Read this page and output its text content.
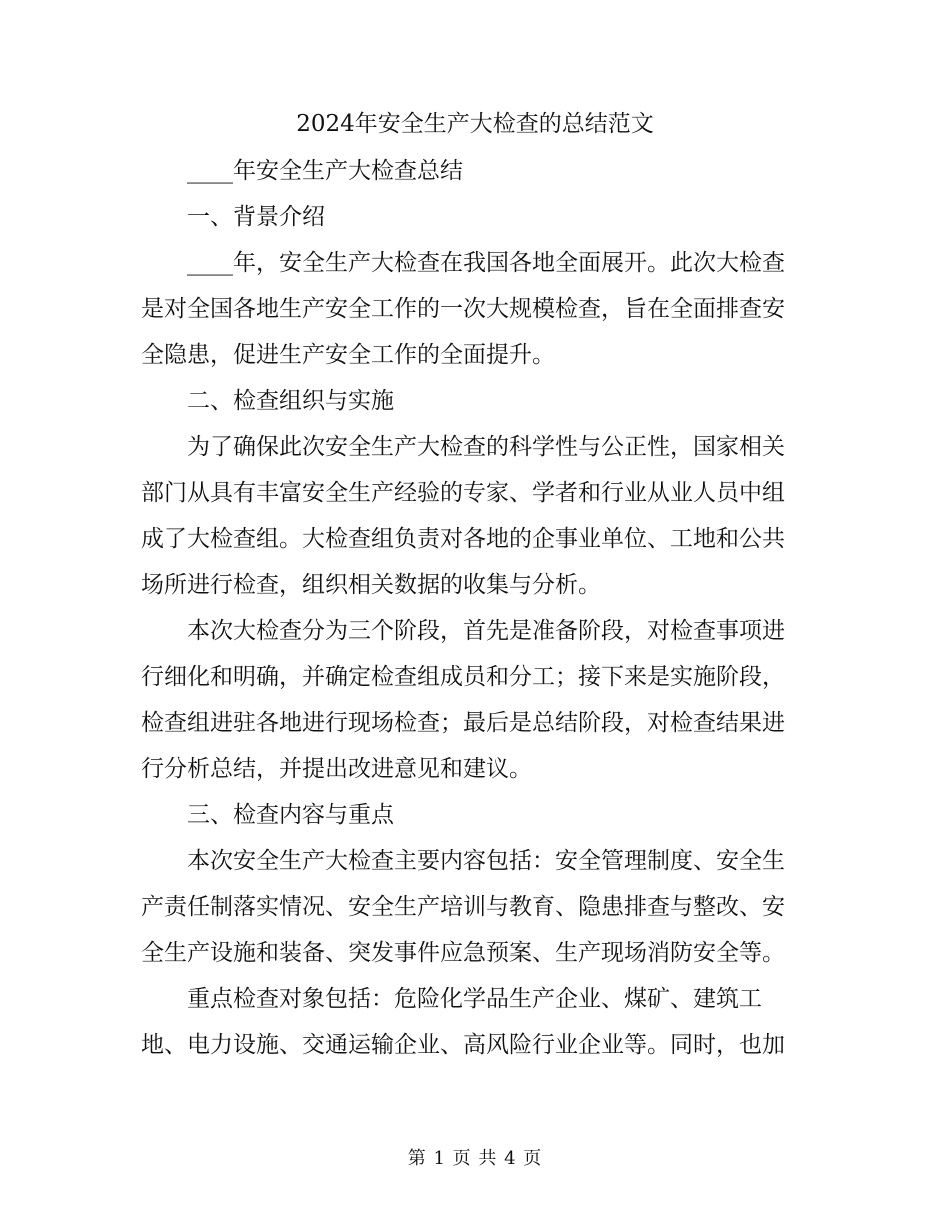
2024年安全生产大检查的总结范文
____年安全生产大检查总结
一、背景介绍
____年，安全生产大检查在我国各地全面展开。此次大检查
是对全国各地生产安全工作的一次大规模检查，旨在全面排查安
全隐患，促进生产安全工作的全面提升。
二、检查组织与实施
为了确保此次安全生产大检查的科学性与公正性，国家相关
部门从具有丰富安全生产经验的专家、学者和行业从业人员中组
成了大检查组。大检查组负责对各地的企事业单位、工地和公共
场所进行检查，组织相关数据的收集与分析。
本次大检查分为三个阶段，首先是准备阶段，对检查事项进
行细化和明确，并确定检查组成员和分工；接下来是实施阶段，
检查组进驻各地进行现场检查；最后是总结阶段，对检查结果进
行分析总结，并提出改进意见和建议。
三、检查内容与重点
本次安全生产大检查主要内容包括：安全管理制度、安全生
产责任制落实情况、安全生产培训与教育、隐患排查与整改、安
全生产设施和装备、突发事件应急预案、生产现场消防安全等。
重点检查对象包括：危险化学品生产企业、煤矿、建筑工
地、电力设施、交通运输企业、高风险行业企业等。同时，也加
第 1 页 共 4 页
